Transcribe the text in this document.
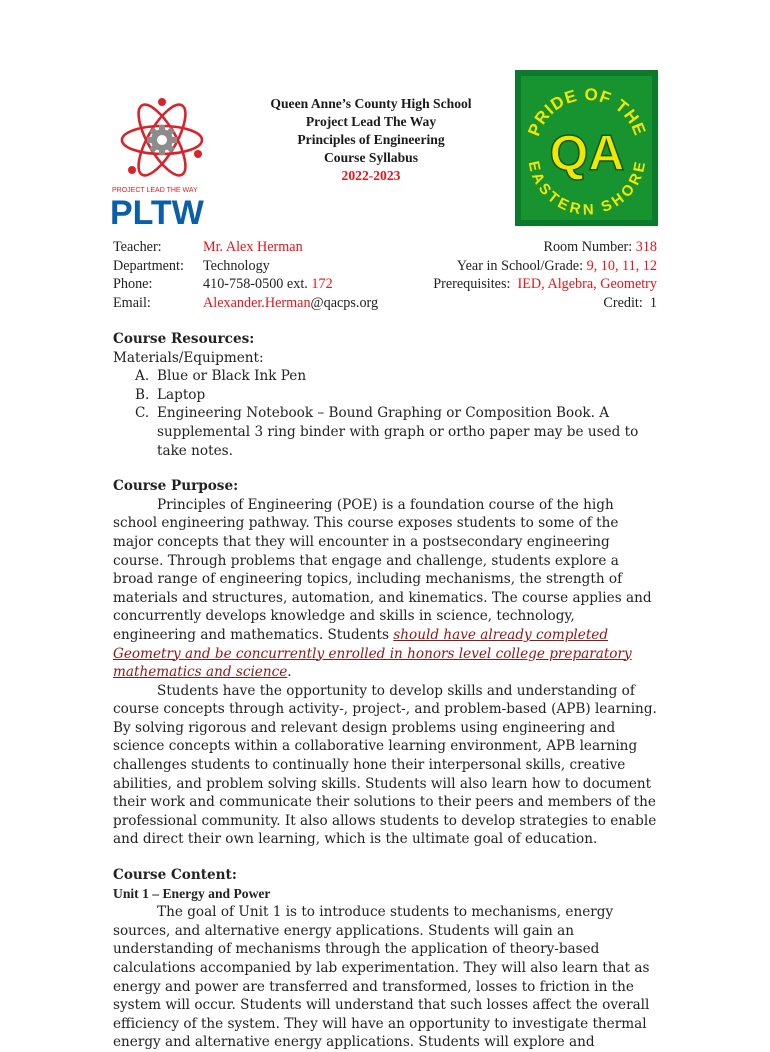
PROJECT LEAD THE WAY
PLTW
Queen Anne’s County High School
Project Lead The Way
Principles of Engineering
Course Syllabus
2022-2023
PRIDE OF THE
EASTERN SHORE
QA
Teacher:	Mr. Alex Herman
Department: Technology
Phone:	410-758-0500 ext. 172
Email:	Alexander.Herman@qacps.org
Room Number: 318
Year in School/Grade: 9, 10, 11, 12
Prerequisites: IED, Algebra, Geometry
Credit: 1
Course Resources:

Materials/Equipment:

A. Blue or Black Ink Pen
B. Laptop
C. Engineering Notebook – Bound Graphing or Composition Book. A supplemental 3 ring binder with graph or ortho paper may be used to take notes.
Course Purpose:

Principles of Engineering (POE) is a foundation course of the high school engineering pathway. This course exposes students to some of the major concepts that they will encounter in a postsecondary engineering course. Through problems that engage and challenge, students explore a broad range of engineering topics, including mechanisms, the strength of materials and structures, automation, and kinematics. The course applies and concurrently develops knowledge and skills in science, technology, engineering and mathematics. Students should have already completed Geometry and be concurrently enrolled in honors level college preparatory mathematics and science.

Students have the opportunity to develop skills and understanding of course concepts through activity-, project-, and problem-based (APB) learning. By solving rigorous and relevant design problems using engineering and science concepts within a collaborative learning environment, APB learning challenges students to continually hone their interpersonal skills, creative abilities, and problem solving skills. Students will also learn how to document their work and communicate their solutions to their peers and members of the professional community. It also allows students to develop strategies to enable and direct their own learning, which is the ultimate goal of education.

Course Content:
Unit 1 – Energy and Power

The goal of Unit 1 is to introduce students to mechanisms, energy sources, and alternative energy applications. Students will gain an understanding of mechanisms through the application of theory-based calculations accompanied by lab experimentation. They will also learn that as energy and power are transferred and transformed, losses to friction in the system will occur. Students will understand that such losses affect the overall efficiency of the system. They will have an opportunity to investigate thermal energy and alternative energy applications. Students will explore and
